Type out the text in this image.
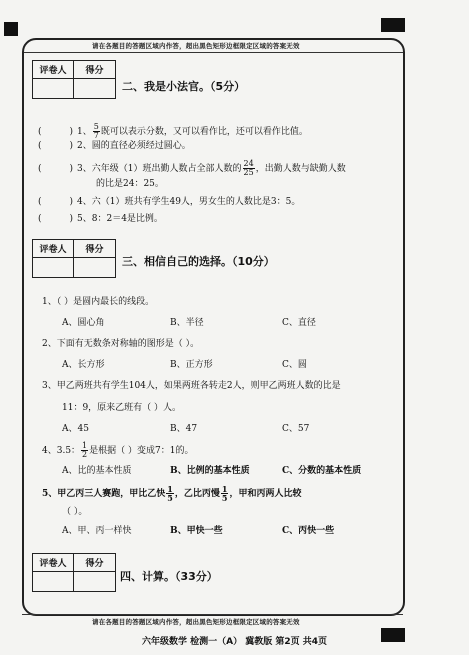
请在各题目的答题区域内作答，超出黑色矩形边框限定区域的答案无效
评卷人	得分
二、我是小法官。（5分）
(	) 1、 $\frac{5}{7}$ 既可以表示分数，又可以看作比，还可以看作比值。
(	) 2、圆的直径必须经过圆心。
(	) 3、六年级（1）班出勤人数占全部人数的 $\frac{24}{25}$ ，出勤人数与缺勤人数
的比是24：25。
(	) 4、六（1）班共有学生49人，男女生的人数比是3：5。
(	) 5、8：2＝4是比例。
评卷人	得分
三、相信自己的选择。（10分）
1、（ ）是圆内最长的线段。
A、圆心角	B、半径	C、直径
2、下面有无数条对称轴的图形是（ ）。
A、长方形	B、正方形	C、圆
3、甲乙两班共有学生104人，如果两班各转走2人，则甲乙两班人数的比是
11：9，原来乙班有（ ）人。
A、45	B、47	C、57
4、3.5： $\frac{1}{2}$ 是根据（ ）变成7：1的。
A、比的基本性质	B、比例的基本性质	C、分数的基本性质
5、甲乙丙三人赛跑，甲比乙快 $\frac{1}{5}$ ，乙比丙慢 $\frac{1}{5}$ ，甲和丙两人比较
（ ）。
A、甲、丙一样快	B、甲快一些	C、丙快一些
评卷人	得分
四、计算。（33分）
请在各题目的答题区域内作答，超出黑色矩形边框限定区域的答案无效
六年级数学 检测一（A） 冀教版 第2页 共4页
